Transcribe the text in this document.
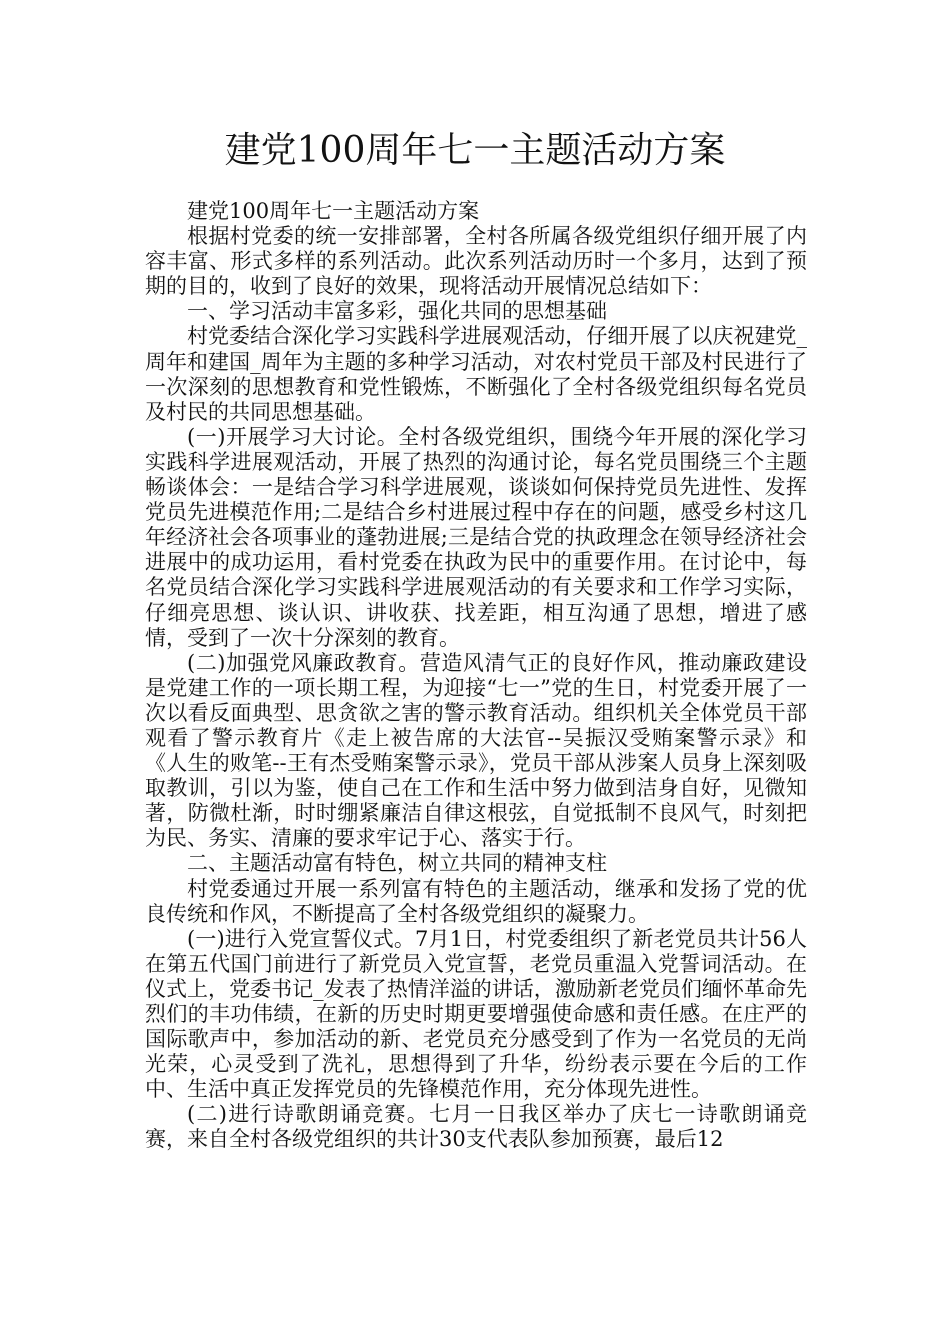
建党100周年七一主题活动方案

建党100周年七一主题活动方案

根据村党委的统一安排部署，全村各所属各级党组织仔细开展了内容丰富、形式多样的系列活动。此次系列活动历时一个多月，达到了预期的目的，收到了良好的效果，现将活动开展情况总结如下：

一、学习活动丰富多彩，强化共同的思想基础

村党委结合深化学习实践科学进展观活动，仔细开展了以庆祝建党_周年和建国_周年为主题的多种学习活动，对农村党员干部及村民进行了一次深刻的思想教育和党性锻炼，不断强化了全村各级党组织每名党员及村民的共同思想基础。

(一)开展学习大讨论。全村各级党组织，围绕今年开展的深化学习实践科学进展观活动，开展了热烈的沟通讨论，每名党员围绕三个主题畅谈体会：一是结合学习科学进展观，谈谈如何保持党员先进性、发挥党员先进模范作用;二是结合乡村进展过程中存在的问题，感受乡村这几年经济社会各项事业的蓬勃进展;三是结合党的执政理念在领导经济社会进展中的成功运用，看村党委在执政为民中的重要作用。在讨论中，每名党员结合深化学习实践科学进展观活动的有关要求和工作学习实际，仔细亮思想、谈认识、讲收获、找差距，相互沟通了思想，增进了感情，受到了一次十分深刻的教育。

(二)加强党风廉政教育。营造风清气正的良好作风，推动廉政建设是党建工作的一项长期工程，为迎接“七一”党的生日，村党委开展了一次以看反面典型、思贪欲之害的警示教育活动。组织机关全体党员干部观看了警示教育片《走上被告席的大法官--吴振汉受贿案警示录》和《人生的败笔--王有杰受贿案警示录》，党员干部从涉案人员身上深刻吸取教训，引以为鉴，使自己在工作和生活中努力做到洁身自好，见微知著，防微杜渐，时时绷紧廉洁自律这根弦，自觉抵制不良风气，时刻把为民、务实、清廉的要求牢记于心、落实于行。

二、主题活动富有特色，树立共同的精神支柱

村党委通过开展一系列富有特色的主题活动，继承和发扬了党的优良传统和作风，不断提高了全村各级党组织的凝聚力。

(一)进行入党宣誓仪式。7月1日，村党委组织了新老党员共计56人在第五代国门前进行了新党员入党宣誓，老党员重温入党誓词活动。在仪式上，党委书记_发表了热情洋溢的讲话，激励新老党员们缅怀革命先烈们的丰功伟绩，在新的历史时期更要增强使命感和责任感。在庄严的国际歌声中，参加活动的新、老党员充分感受到了作为一名党员的无尚光荣，心灵受到了洗礼，思想得到了升华，纷纷表示要在今后的工作中、生活中真正发挥党员的先锋模范作用，充分体现先进性。

(二)进行诗歌朗诵竞赛。七月一日我区举办了庆七一诗歌朗诵竞赛，来自全村各级党组织的共计30支代表队参加预赛，最后12
